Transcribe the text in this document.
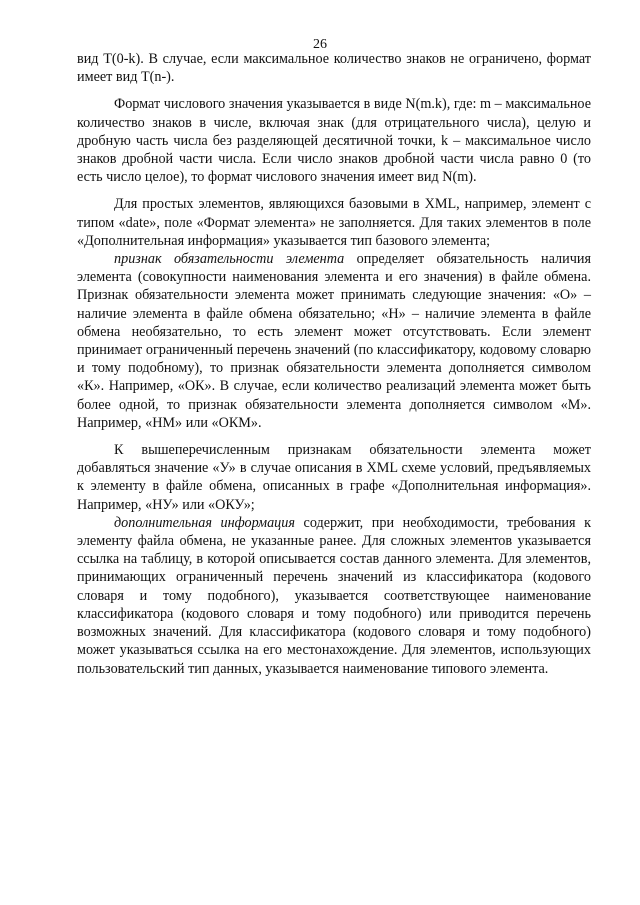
26

вид T(0-k). В случае, если максимальное количество знаков не ограничено, формат имеет вид T(n-).

Формат числового значения указывается в виде N(m.k), где: m – максимальное количество знаков в числе, включая знак (для отрицательного числа), целую и дробную часть числа без разделяющей десятичной точки, k – максимальное число знаков дробной части числа. Если число знаков дробной части числа равно 0 (то есть число целое), то формат числового значения имеет вид N(m).

Для простых элементов, являющихся базовыми в XML, например, элемент с типом «date», поле «Формат элемента» не заполняется. Для таких элементов в поле «Дополнительная информация» указывается тип базового элемента;

признак обязательности элемента определяет обязательность наличия элемента (совокупности наименования элемента и его значения) в файле обмена. Признак обязательности элемента может принимать следующие значения: «О» – наличие элемента в файле обмена обязательно; «Н» – наличие элемента в файле обмена необязательно, то есть элемент может отсутствовать. Если элемент принимает ограниченный перечень значений (по классификатору, кодовому словарю и тому подобному), то признак обязательности элемента дополняется символом «К». Например, «ОК». В случае, если количество реализаций элемента может быть более одной, то признак обязательности элемента дополняется символом «М». Например, «НМ» или «ОКМ».

К вышеперечисленным признакам обязательности элемента может добавляться значение «У» в случае описания в XML схеме условий, предъявляемых к элементу в файле обмена, описанных в графе «Дополнительная информация». Например, «НУ» или «ОКУ»;

дополнительная информация содержит, при необходимости, требования к элементу файла обмена, не указанные ранее. Для сложных элементов указывается ссылка на таблицу, в которой описывается состав данного элемента. Для элементов, принимающих ограниченный перечень значений из классификатора (кодового словаря и тому подобного), указывается соответствующее наименование классификатора (кодового словаря и тому подобного) или приводится перечень возможных значений. Для классификатора (кодового словаря и тому подобного) может указываться ссылка на его местонахождение. Для элементов, использующих пользовательский тип данных, указывается наименование типового элемента.
